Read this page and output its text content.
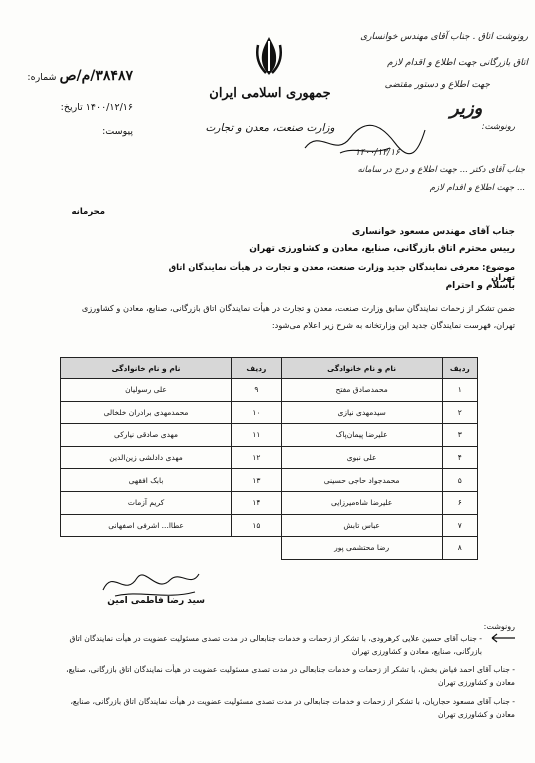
جمهوری اسلامی ایران
وزیر
وزارت صنعت، معدن و تجارت
۳۸۴۸۷/م/ص شماره:
۱۴۰۰/۱۲/۱۶ تاریخ:
پیوست:
رونوشت اتاق . جناب آقای مهندس خوانساری
اتاق بازرگانی جهت اطلاع و اقدام لازم
جهت اطلاع و دستور مقتضی
رونوشت:
۱۴۰۰/۱۲/۱۶
جناب آقای دکتر ... جهت اطلاع و درج در سامانه
... جهت اطلاع و اقدام لازم
محرمانه
جناب آقای مهندس مسعود خوانساری
رییس محترم اتاق بازرگانی، صنایع، معادن و کشاورزی تهران
موضوع: معرفی نمایندگان جدید وزارت صنعت، معدن و تجارت در هیأت نمایندگان اتاق تهران
باسلام و احترام
ضمن تشکر از زحمات نمایندگان سابق وزارت صنعت، معدن و تجارت در هیأت نمایندگان اتاق بازرگانی، صنایع، معادن و کشاورزی تهران، فهرست نمایندگان جدید این وزارتخانه به شرح زیر اعلام می‌شود:
ردیف	نام و نام خانوادگی	ردیف	نام و نام خانوادگی
۱	محمدصادق مفتح	۹	علی رسولیان
۲	سیدمهدی نیازی	۱۰	محمدمهدی برادران خلخالی
۳	علیرضا پیمان‌پاک	۱۱	مهدی صادقی نیارکی
۴	علی نبوی	۱۲	مهدی دادلشی زین‌الدین
۵	محمدجواد حاجی حسینی	۱۳	بابک افقهی
۶	علیرضا شاه‌میرزایی	۱۴	کریم آزمات
۷	عباس تابش	۱۵	عطاا... اشرفی اصفهانی
۸	رضا محتشمی پور		
سید رضا فاطمی امین
رونوشت:
- جناب آقای حسین علایی کرهرودی، با تشکر از زحمات و خدمات جنابعالی در مدت تصدی مسئولیت عضویت در هیأت نمایندگان اتاق بازرگانی، صنایع، معادن و کشاورزی تهران
- جناب آقای احمد فیاض بخش، با تشکر از زحمات و خدمات جنابعالی در مدت تصدی مسئولیت عضویت در هیأت نمایندگان اتاق بازرگانی، صنایع، معادن و کشاورزی تهران
- جناب آقای مسعود حجاریان، با تشکر از زحمات و خدمات جنابعالی در مدت تصدی مسئولیت عضویت در هیأت نمایندگان اتاق بازرگانی، صنایع، معادن و کشاورزی تهران
